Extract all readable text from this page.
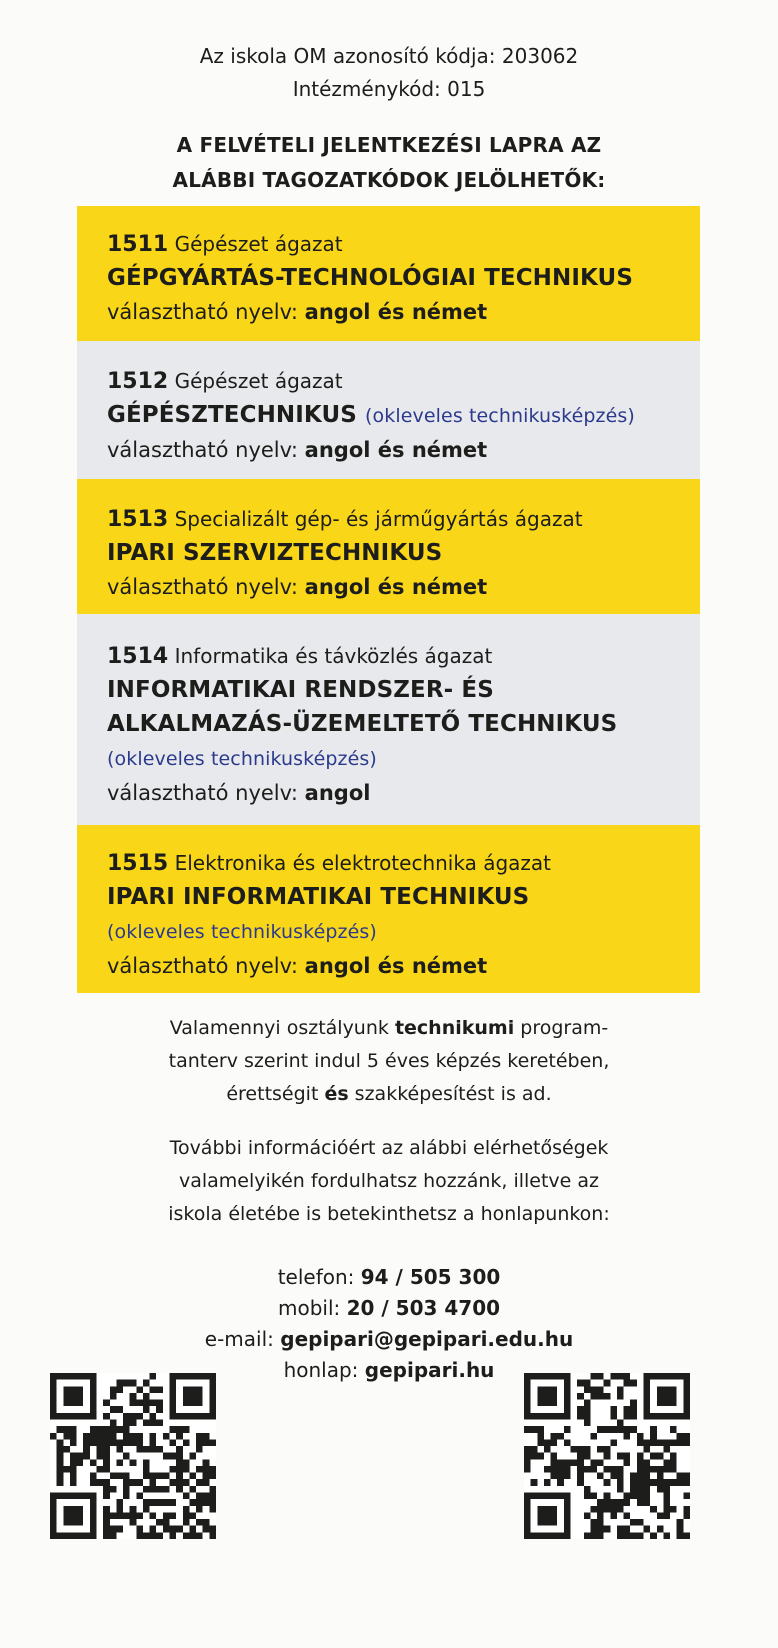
Az iskola OM azonosító kódja: 203062
Intézménykód: 015
A FELVÉTELI JELENTKEZÉSI LAPRA AZ
ALÁBBI TAGOZATKÓDOK JELÖLHETŐK:

1511 Gépészet ágazat

GÉPGYÁRTÁS-TECHNOLÓGIAI TECHNIKUS

választható nyelv: angol és német

1512 Gépészet ágazat

GÉPÉSZTECHNIKUS (okleveles technikusképzés)

választható nyelv: angol és német

1513 Specializált gép- és járműgyártás ágazat

IPARI SZERVIZTECHNIKUS

választható nyelv: angol és német

1514 Informatika és távközlés ágazat

INFORMATIKAI RENDSZER- ÉS

ALKALMAZÁS-ÜZEMELTETŐ TECHNIKUS

(okleveles technikusképzés)

választható nyelv: angol

1515 Elektronika és elektrotechnika ágazat

IPARI INFORMATIKAI TECHNIKUS

(okleveles technikusképzés)

választható nyelv: angol és német

Valamennyi osztályunk technikumi program-
tanterv szerint indul 5 éves képzés keretében,
érettségit és szakképesítést is ad.
További információért az alábbi elérhetőségek
valamelyikén fordulhatsz hozzánk, illetve az
iskola életébe is betekinthetsz a honlapunkon:
telefon: 94 / 505 300
mobil: 20 / 503 4700
e-mail: gepipari@gepipari.edu.hu
honlap: gepipari.hu
